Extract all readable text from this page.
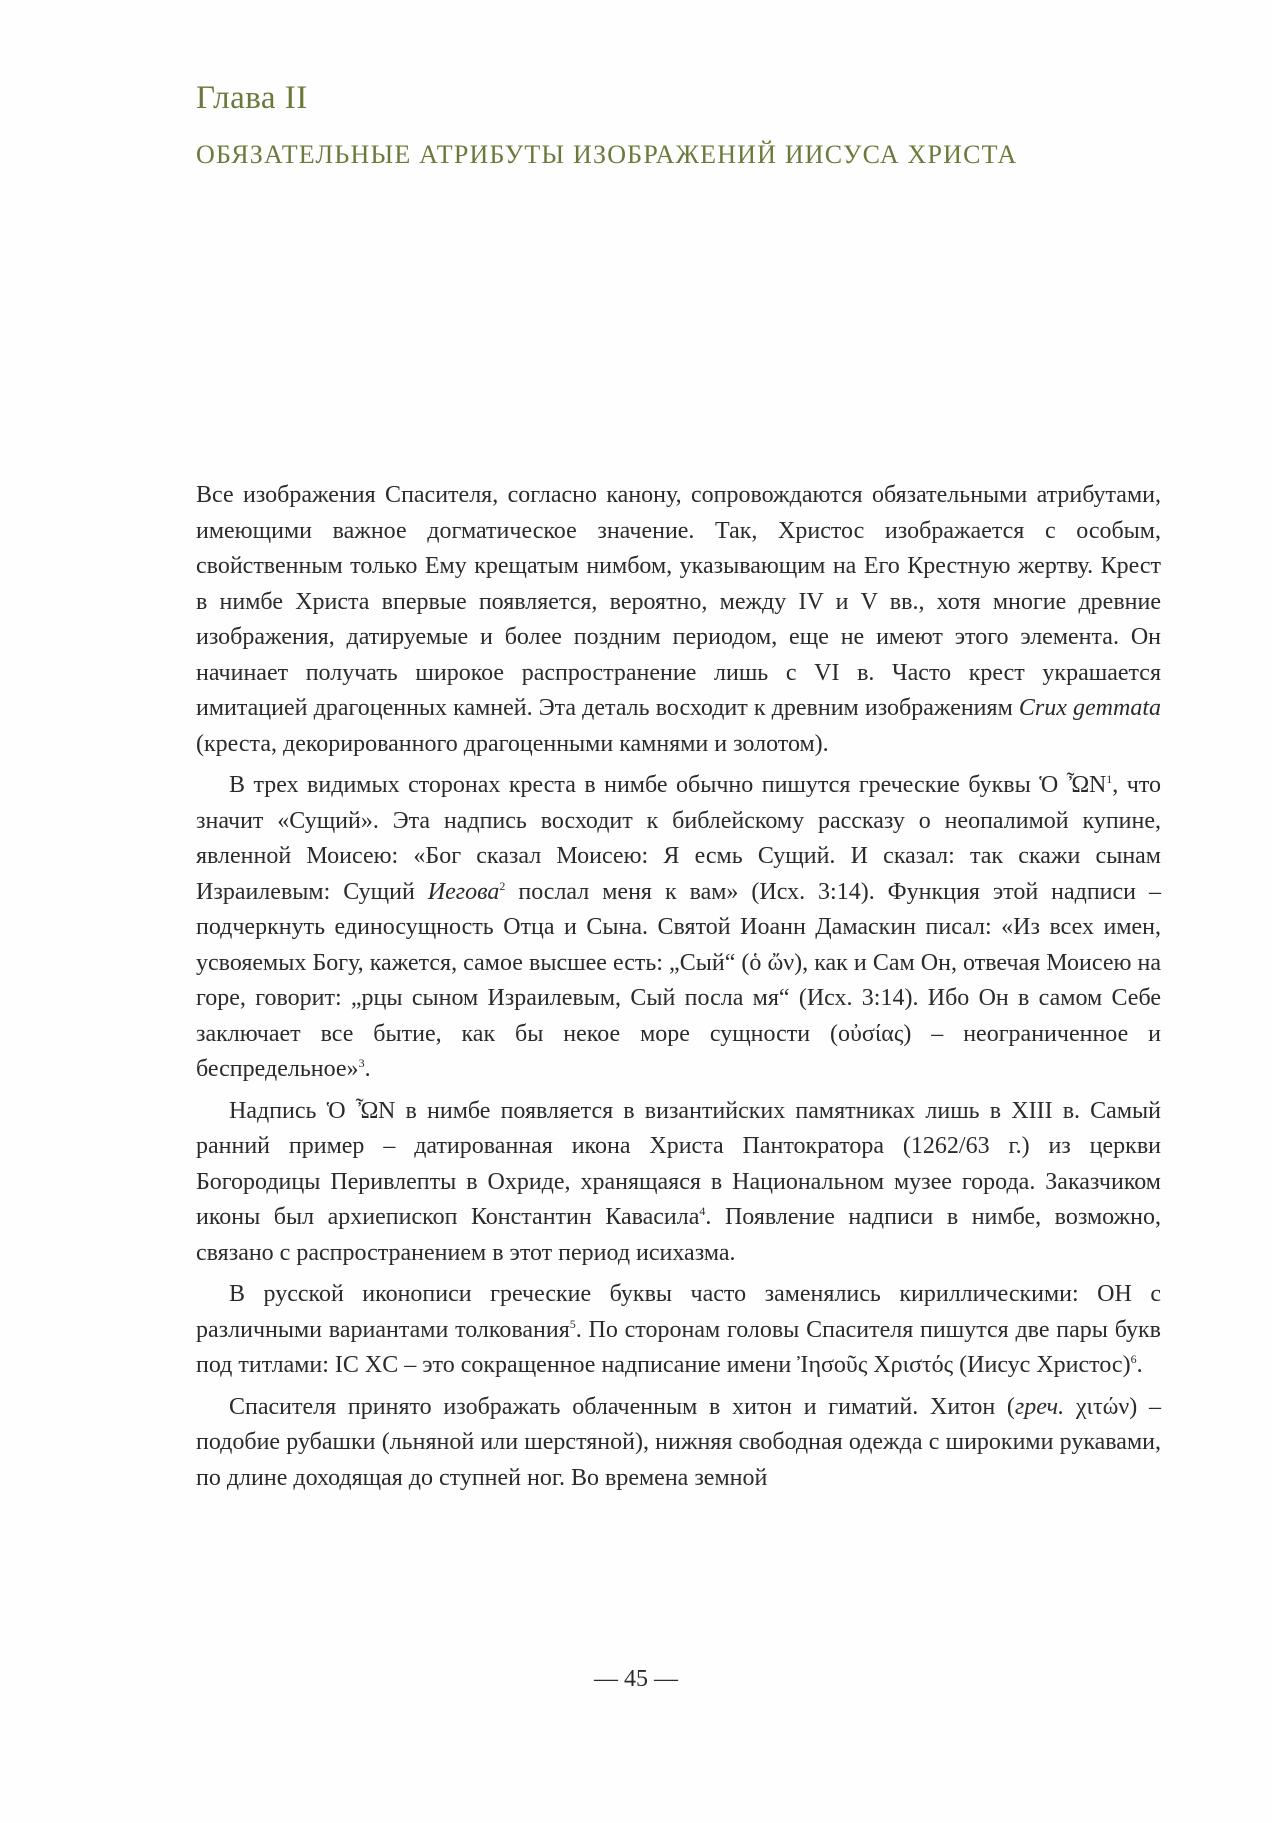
Глава II
ОБЯЗАТЕЛЬНЫЕ АТРИБУТЫ ИЗОБРАЖЕНИЙ ИИСУСА ХРИСТА

Все изображения Спасителя, согласно канону, сопровождаются обязательными атрибутами, имеющими важное догматическое значение. Так, Христос изображается с особым, свойственным только Ему крещатым нимбом, указывающим на Его Крестную жертву. Крест в нимбе Христа впервые появляется, вероятно, между IV и V вв., хотя многие древние изображения, датируемые и более поздним периодом, еще не имеют этого элемента. Он начинает получать широкое распространение лишь с VI в. Часто крест украшается имитацией драгоценных камней. Эта деталь восходит к древним изображениям Crux gemmata (креста, декорированного драгоценными камнями и золотом).

В трех видимых сторонах креста в нимбе обычно пишутся греческие буквы Ὁ ὮΝ$^1$, что значит «Сущий». Эта надпись восходит к библейскому рассказу о неопалимой купине, явленной Моисею: «Бог сказал Моисею: Я есмь Сущий. И сказал: так скажи сынам Израилевым: Сущий Иегова$^2$ послал меня к вам» (Исх. 3:14). Функция этой надписи – подчеркнуть единосущность Отца и Сына. Святой Иоанн Дамаскин писал: «Из всех имен, усвояемых Богу, кажется, самое высшее есть: „Сый“ (ὁ ὤν), как и Сам Он, отвечая Моисею на горе, говорит: „рцы сыном Израилевым, Сый посла мя“ (Исх. 3:14). Ибо Он в самом Себе заключает все бытие, как бы некое море сущности (οὐσίας) – неограниченное и беспредельное»$^3$.

Надпись Ὁ ὮΝ в нимбе появляется в византийских памятниках лишь в XIII в. Самый ранний пример – датированная икона Христа Пантократора (1262/63 г.) из церкви Богородицы Перивлепты в Охриде, хранящаяся в Национальном музее города. Заказчиком иконы был архиепископ Константин Кавасила$^4$. Появление надписи в нимбе, возможно, связано с распространением в этот период исихазма.

В русской иконописи греческие буквы часто заменялись кириллическими: ОН с различными вариантами толкования$^5$. По сторонам головы Спасителя пишутся две пары букв под титлами: IC XC – это сокращенное надписание имени Ἰησοῦς Χριστός (Иисус Христос)$^6$.

Спасителя принято изображать облаченным в хитон и гиматий. Хитон (греч. χιτών) – подобие рубашки (льняной или шерстяной), нижняя свободная одежда с широкими рукавами, по длине доходящая до ступней ног. Во времена земной

— 45 —
